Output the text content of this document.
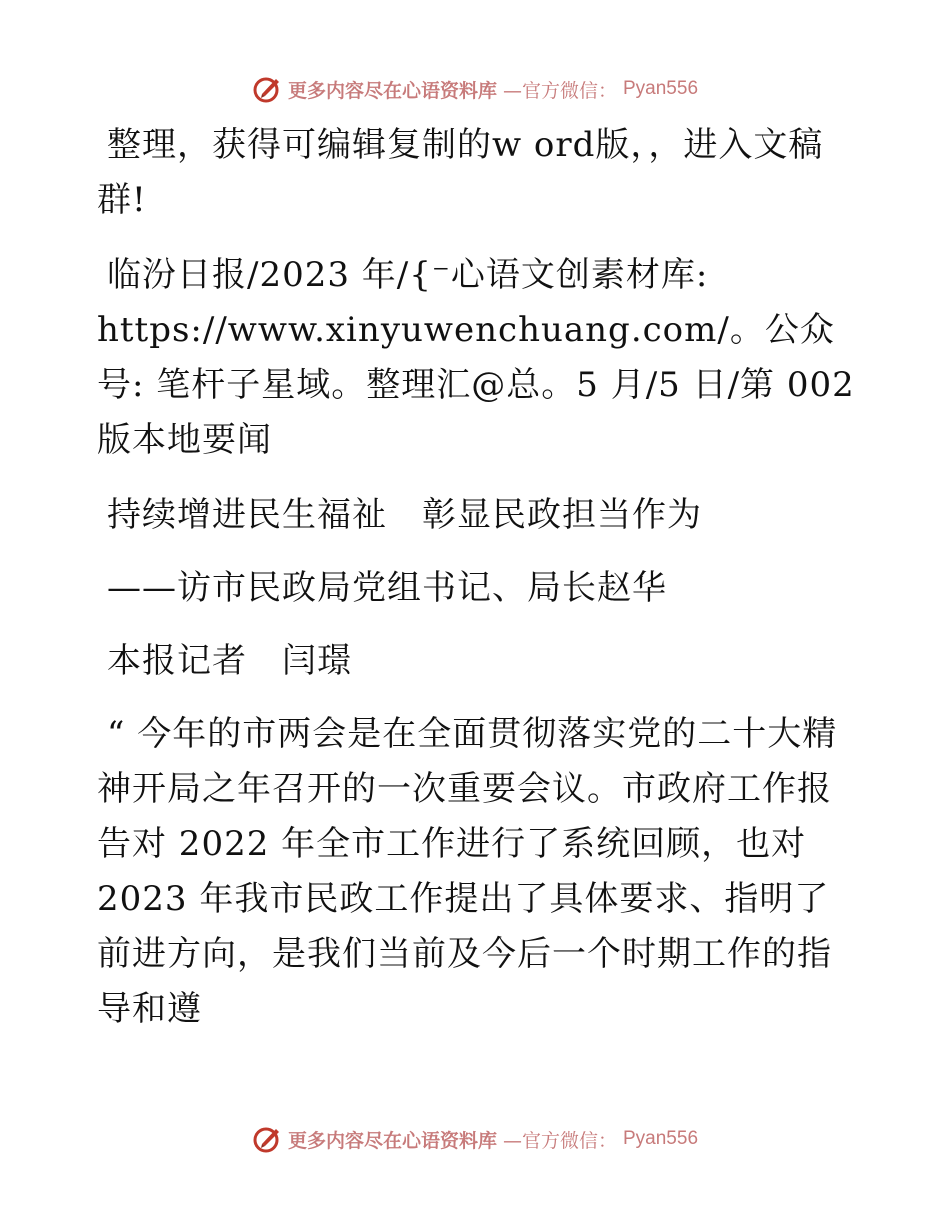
更多内容尽在心语资料库 —官方微信： Pyan556

整理，获得可编辑复制的w ord版，，进入文稿群!

临汾日报/2023 年/{⁻心语文创素材库: https://www.xinyuwenchuang.com/。公众号: 笔杆子星域。整理汇@总。5 月/5 日/第 002 版本地要闻

持续增进民生福祉　彰显民政担当作为

——访市民政局党组书记、局长赵华

本报记者　闫璟

“ 今年的市两会是在全面贯彻落实党的二十大精神开局之年召开的一次重要会议。市政府工作报告对 2022 年全市工作进行了系统回顾，也对 2023 年我市民政工作提出了具体要求、指明了前进方向，是我们当前及今后一个时期工作的指导和遵

更多内容尽在心语资料库 —官方微信： Pyan556
